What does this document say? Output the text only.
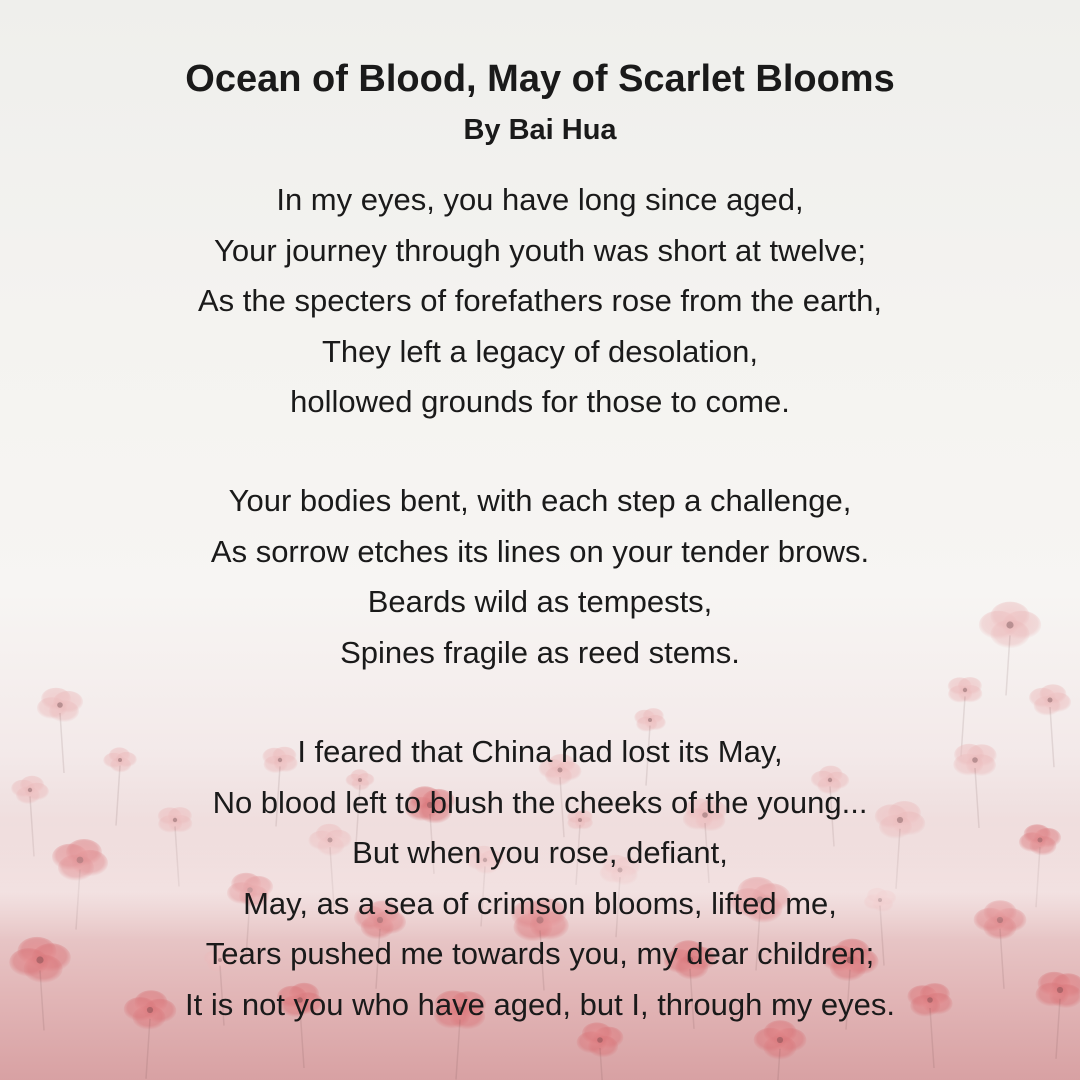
Ocean of Blood, May of Scarlet Blooms
By Bai Hua
In my eyes, you have long since aged,
Your journey through youth was short at twelve;
As the specters of forefathers rose from the earth,
They left a legacy of desolation,
hollowed grounds for those to come.
Your bodies bent, with each step a challenge,
As sorrow etches its lines on your tender brows.
Beards wild as tempests,
Spines fragile as reed stems.
I feared that China had lost its May,
No blood left to blush the cheeks of the young...
But when you rose, defiant,
May, as a sea of crimson blooms, lifted me,
Tears pushed me towards you, my dear children;
It is not you who have aged, but I, through my eyes.
